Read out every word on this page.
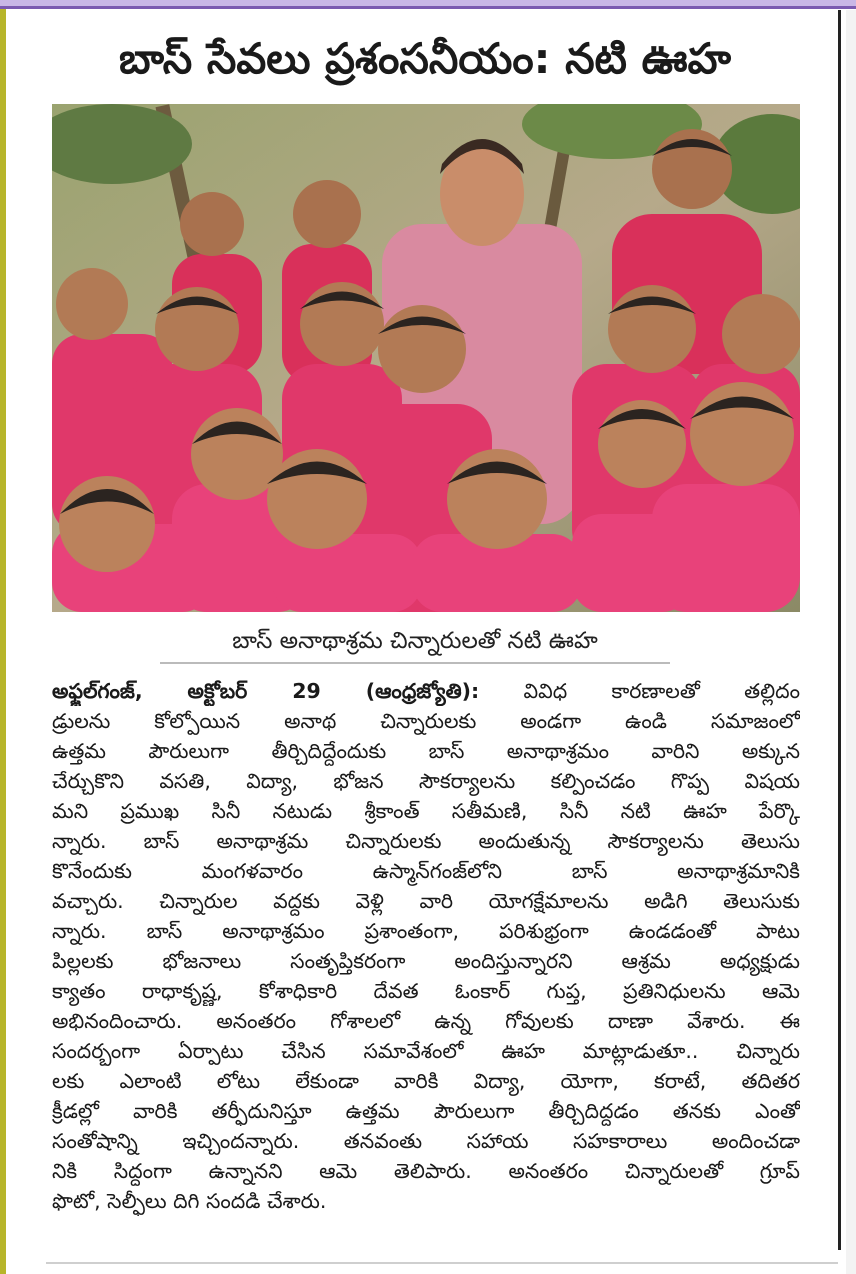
బాస్ సేవలు ప్రశంసనీయం: నటి ఊహ
బాస్ అనాథాశ్రమ చిన్నారులతో నటి ఊహ
అఫ్జల్‌గంజ్, అక్టోబర్ 29 (ఆంధ్రజ్యోతి): వివిధ కారణాలతో తల్లిదం
డ్రులను కోల్పోయిన అనాథ చిన్నారులకు అండగా ఉండి సమాజంలో
ఉత్తమ పౌరులుగా తీర్చిదిద్దేందుకు బాస్ అనాథాశ్రమం వారిని అక్కున
చేర్చుకొని వసతి, విద్యా, భోజన సౌకర్యాలను కల్పించడం గొప్ప విషయ
మని ప్రముఖ సినీ నటుడు శ్రీకాంత్ సతీమణి, సినీ నటి ఊహ పేర్కొ
న్నారు. బాస్ అనాథాశ్రమ చిన్నారులకు అందుతున్న సౌకర్యాలను తెలుసు
కొనేందుకు మంగళవారం ఉస్మాన్‌గంజ్‌లోని బాస్ అనాథాశ్రమానికి
వచ్చారు. చిన్నారుల వద్దకు వెళ్లి వారి యోగక్షేమాలను అడిగి తెలుసుకు
న్నారు. బాస్ అనాథాశ్రమం ప్రశాంతంగా, పరిశుభ్రంగా ఉండడంతో పాటు
పిల్లలకు భోజనాలు సంతృప్తికరంగా అందిస్తున్నారని ఆశ్రమ అధ్యక్షుడు
క్యాతం రాధాకృష్ణ, కోశాధికారి దేవత ఓంకార్ గుప్త, ప్రతినిధులను ఆమె
అభినందించారు. అనంతరం గోశాలలో ఉన్న గోవులకు దాణా వేశారు. ఈ
సందర్భంగా ఏర్పాటు చేసిన సమావేశంలో ఊహ మాట్లాడుతూ.. చిన్నారు
లకు ఎలాంటి లోటు లేకుండా వారికి విద్యా, యోగా, కరాటే, తదితర
క్రీడల్లో వారికి తర్ఫీదునిస్తూ ఉత్తమ పౌరులుగా తీర్చిదిద్దడం తనకు ఎంతో
సంతోషాన్ని ఇచ్చిందన్నారు. తనవంతు సహాయ సహకారాలు అందించడా
నికి సిద్ధంగా ఉన్నానని ఆమె తెలిపారు. అనంతరం చిన్నారులతో గ్రూప్
ఫొటో, సెల్ఫీలు దిగి సందడి చేశారు.
